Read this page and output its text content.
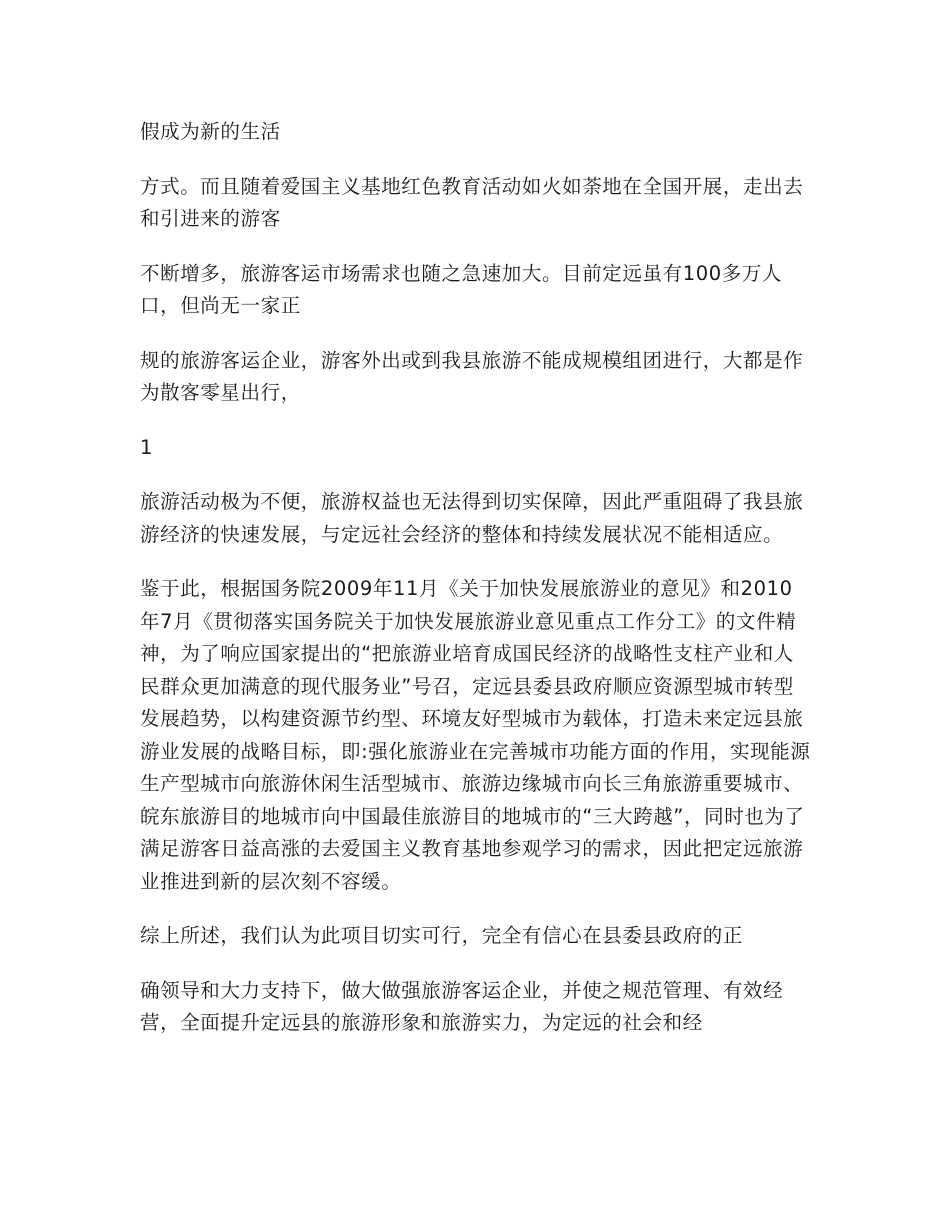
假成为新的生活

方式。而且随着爱国主义基地红色教育活动如火如荼地在全国开展，走出去和引进来的游客

不断增多，旅游客运市场需求也随之急速加大。目前定远虽有100多万人口，但尚无一家正

规的旅游客运企业，游客外出或到我县旅游不能成规模组团进行，大都是作为散客零星出行，

1

旅游活动极为不便，旅游权益也无法得到切实保障，因此严重阻碍了我县旅游经济的快速发展，与定远社会经济的整体和持续发展状况不能相适应。

鉴于此，根据国务院2009年11月《关于加快发展旅游业的意见》和2010年7月《贯彻落实国务院关于加快发展旅游业意见重点工作分工》的文件精神，为了响应国家提出的“把旅游业培育成国民经济的战略性支柱产业和人民群众更加满意的现代服务业”号召，定远县委县政府顺应资源型城市转型发展趋势，以构建资源节约型、环境友好型城市为载体，打造未来定远县旅游业发展的战略目标，即:强化旅游业在完善城市功能方面的作用，实现能源生产型城市向旅游休闲生活型城市、旅游边缘城市向长三角旅游重要城市、皖东旅游目的地城市向中国最佳旅游目的地城市的“三大跨越”，同时也为了满足游客日益高涨的去爱国主义教育基地参观学习的需求，因此把定远旅游业推进到新的层次刻不容缓。

综上所述，我们认为此项目切实可行，完全有信心在县委县政府的正

确领导和大力支持下，做大做强旅游客运企业，并使之规范管理、有效经营，全面提升定远县的旅游形象和旅游实力，为定远的社会和经
